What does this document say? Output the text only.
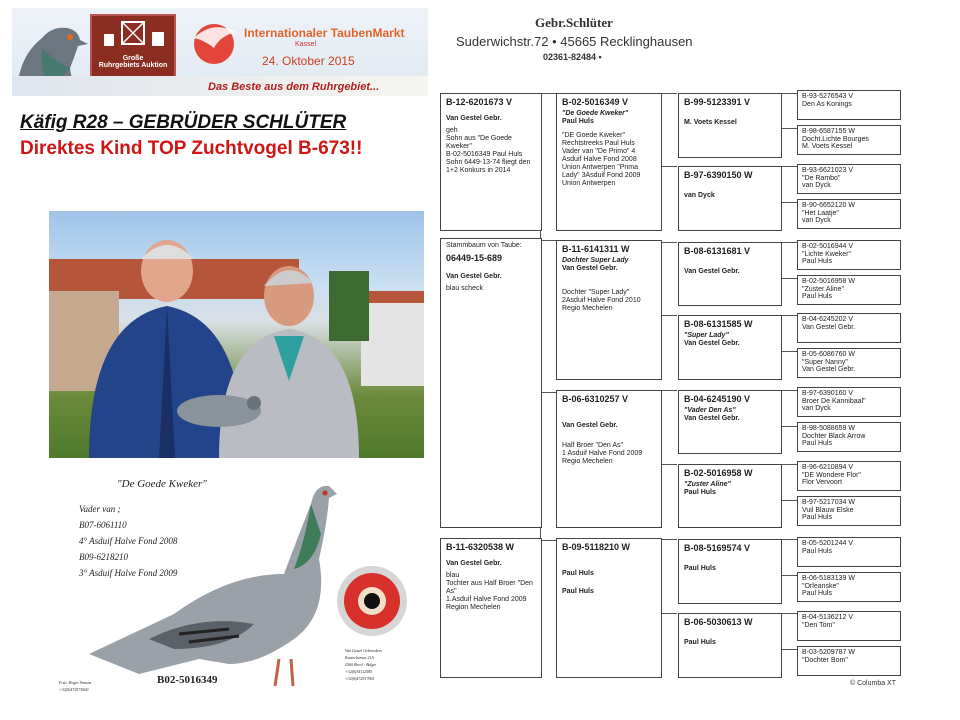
Große
Ruhrgebiets Auktion
Internationaler TaubenMarkt
Kassel
24. Oktober 2015
Das Beste aus dem Ruhrgebiet...
Käfig R28 – GEBRÜDER SCHLÜTER
Direktes Kind TOP Zuchtvogel B-673!!
"De Goede Kweker"
Vader van ;
B07-6061110
4° Asduif Halve Fond 2008
B09-6218210
3° Asduif Halve Fond 2009
B02-5016349
Foto: Roger Simons
+32(0)472573600
Van Gestel Gebroeders
Kasteelstraat 21A
2560 Berol - Belgie
+32(0)34112585
+32(0)472917965
Gebr.Schlüter
Suderwichstr.72 • 45665 Recklinghausen
02361-82484 •
B-12-6201673 V
Van Gestel Gebr.
geh
Sohn aus "De Goede Kweker"
B-02-5016349 Paul Huls
Sohn 6449-13-74 fliegt den 1+2 Konkurs in 2014
Stammbaum von Taube:
06449-15-689
Van Gestel Gebr.
blau scheck
B-11-6320538 W
Van Gestel Gebr.
blau
Tochter aus Half Broer "Den As"
1.Asduif Halve Fond 2009
Region Mechelen
B-02-5016349 V
"De Goede Kweker"
Paul Huls
"DE Goede Kweker"
Rechtstreeks Paul Huls
Vader van "De Primo" 4 Asduif Halve Fond 2008
Union Antwerpen "Prima Lady" 3Asduif Fond 2009 Union Antwerpen
B-11-6141311 W
Dochter Super Lady
Van Gestel Gebr.
Dochter "Super Lady"
2Asduif Halve Fond 2010
Regio Mechelen
B-06-6310257 V
Van Gestel Gebr.
Half Broer "Den As"
1 Asduif Halve Fond 2009
Regio Mechelen
B-09-5118210 W
Paul Huls
Paul Huls
B-99-5123391 V
M. Voets Kessel
B-97-6390150 W
van Dyck
B-08-6131681 V
Van Gestel Gebr.
B-08-6131585 W
"Super Lady"
Van Gestel Gebr.
B-04-6245190 V
"Vader Den As"
Van Gestel Gebr.
B-02-5016958 W
"Zuster Aline"
Paul Huls
B-08-5169574 V
Paul Huls
B-06-5030613 W
Paul Huls
B-93-5276543 V
Den As Konings
B-98-6587155 W
Docht.Lichte Bourges
M. Voets Kessel
B-93-6621023 V
"De Rambo"
van Dyck
B-90-6652120 W
"Het Laatje"
van Dyck
B-02-5016944 V
"Lichte Kweker"
Paul Huls
B-02-5016958 W
"Zuster Aline"
Paul Huls
B-04-6245202 V
Van Gestel Gebr.
B-05-6086760 W
"Super Nanny"
Van Gestel Gebr.
B-97-6390160 V
Broer De Kannibaal"
van Dyck
B-98-5088659 W
Dochter Black Arrow
Paul Huls
B-96-6210894 V
"DE Wondere Flor"
Flor Vervoort
B-97-5217034 W
Vuil Blauw Elske
Paul Huls
B-05-5201244 V
Paul Huls
B-06-5183139 W
"Orleanske"
Paul Huls
B-04-5136212 V
"Den Tom"
B-03-5209787 W
"Dochter Bom"
© Columba XT
